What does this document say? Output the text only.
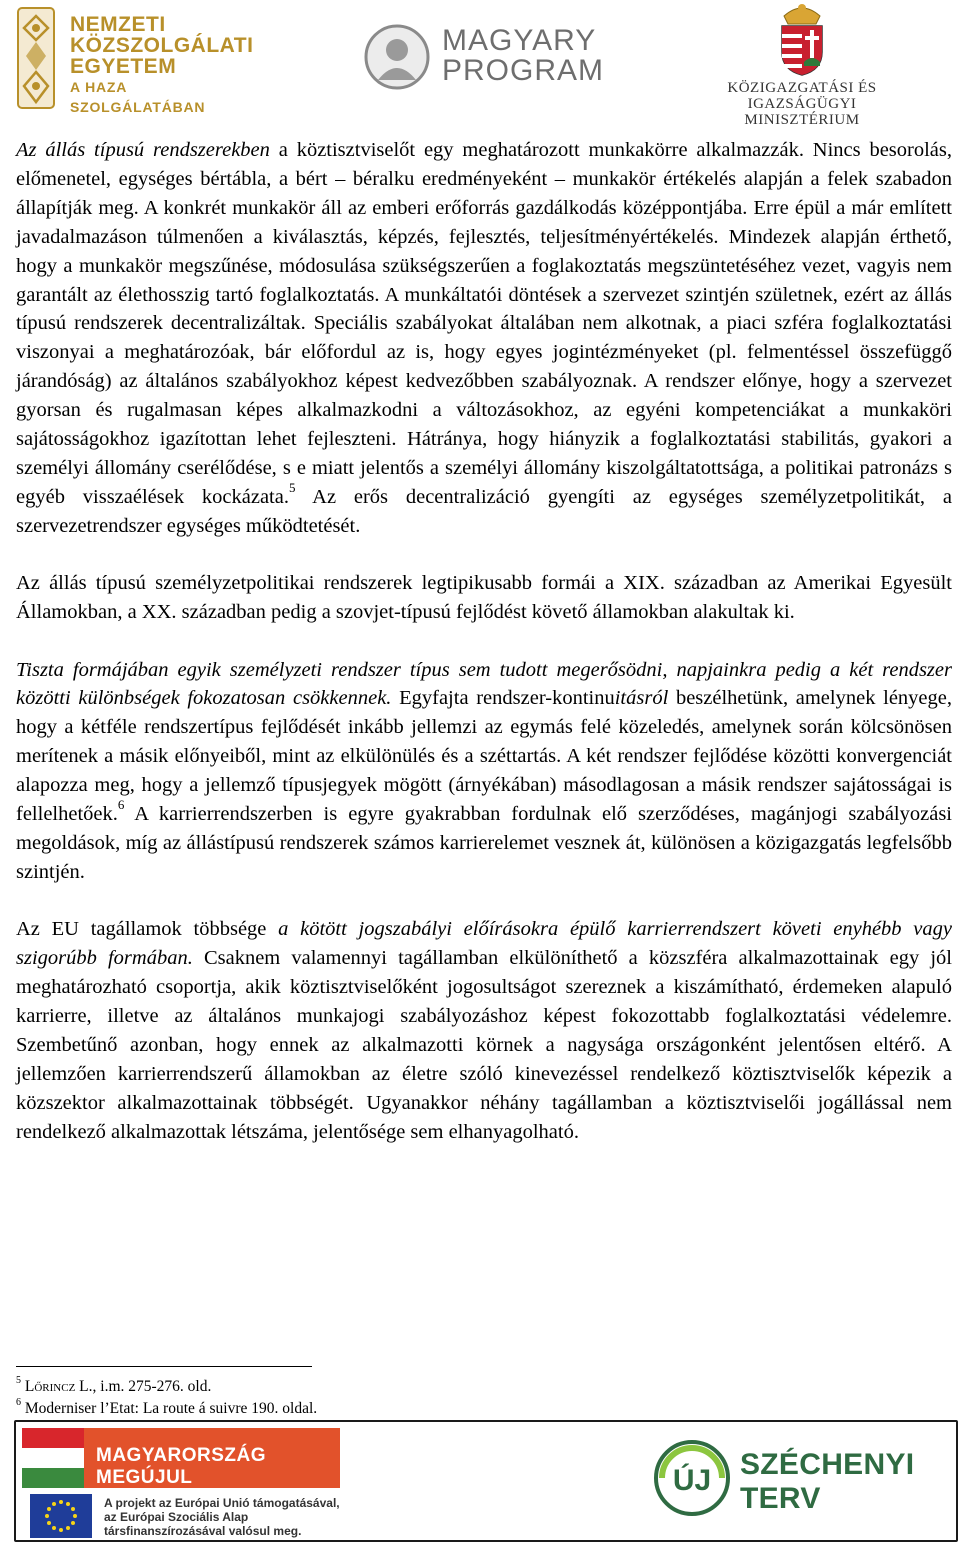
NEMZETI
KÖZSZOLGÁLATI
EGYETEM
A HAZA SZOLGÁLATÁBAN
MAGYARY
PROGRAM
KÖZIGAZGATÁSI ÉS IGAZSÁGÜGYI
MINISZTÉRIUM

Az állás típusú rendszerekben a köztisztviselőt egy meghatározott munkakörre alkalmazzák. Nincs besorolás, előmenetel, egységes bértábla, a bért – béralku eredményeként – munkakör értékelés alapján a felek szabadon állapítják meg. A konkrét munkakör áll az emberi erőforrás gazdálkodás középpontjába. Erre épül a már említett javadalmazáson túlmenően a kiválasztás, képzés, fejlesztés, teljesítményértékelés. Mindezek alapján érthető, hogy a munkakör megszűnése, módosulása szükségszerűen a foglakoztatás megszüntetéséhez vezet, vagyis nem garantált az élethosszig tartó foglalkoztatás. A munkáltatói döntések a szervezet szintjén születnek, ezért az állás típusú rendszerek decentralizáltak. Speciális szabályokat általában nem alkotnak, a piaci szféra foglalkoztatási viszonyai a meghatározóak, bár előfordul az is, hogy egyes jogintézményeket (pl. felmentéssel összefüggő járandóság) az általános szabályokhoz képest kedvezőbben szabályoznak. A rendszer előnye, hogy a szervezet gyorsan és rugalmasan képes alkalmazkodni a változásokhoz, az egyéni kompetenciákat a munkaköri sajátosságokhoz igazítottan lehet fejleszteni. Hátránya, hogy hiányzik a foglalkoztatási stabilitás, gyakori a személyi állomány cserélődése, s e miatt jelentős a személyi állomány kiszolgáltatottsága, a politikai patronázs s egyéb visszaélések kockázata.$^5$ Az erős decentralizáció gyengíti az egységes személyzetpolitikát, a szervezetrendszer egységes működtetését.

Az állás típusú személyzetpolitikai rendszerek legtipikusabb formái a XIX. században az Amerikai Egyesült Államokban, a XX. században pedig a szovjet-típusú fejlődést követő államokban alakultak ki.

Tiszta formájában egyik személyzeti rendszer típus sem tudott megerősödni, napjainkra pedig a két rendszer közötti különbségek fokozatosan csökkennek. Egyfajta rendszer-kontinuitásról beszélhetünk, amelynek lényege, hogy a kétféle rendszertípus fejlődését inkább jellemzi az egymás felé közeledés, amelynek során kölcsönösen merítenek a másik előnyeiből, mint az elkülönülés és a széttartás. A két rendszer fejlődése közötti konvergenciát alapozza meg, hogy a jellemző típusjegyek mögött (árnyékában) másodlagosan a másik rendszer sajátosságai is fellelhetőek.$^6$ A karrierrendszerben is egyre gyakrabban fordulnak elő szerződéses, magánjogi szabályozási megoldások, míg az állástípusú rendszerek számos karrierelemet vesznek át, különösen a közigazgatás legfelsőbb szintjén.

Az EU tagállamok többsége a kötött jogszabályi előírásokra épülő karrierrendszert követi enyhébb vagy szigorúbb formában. Csaknem valamennyi tagállamban elkülöníthető a közszféra alkalmazottainak egy jól meghatározható csoportja, akik köztisztviselőként jogosultságot szereznek a kiszámítható, érdemeken alapuló karrierre, illetve az általános munkajogi szabályozáshoz képest fokozottabb foglalkoztatási védelemre. Szembetűnő azonban, hogy ennek az alkalmazotti körnek a nagysága országonként jelentősen eltérő. A jellemzően karrierrendszerű államokban az életre szóló kinevezéssel rendelkező köztisztviselők képezik a közszektor alkalmazottainak többségét. Ugyanakkor néhány tagállamban a köztisztviselői jogállással nem rendelkező alkalmazottak létszáma, jelentősége sem elhanyagolható.

$^5$ Lőrincz L., i.m. 275-276. old.
$^6$ Moderniser l’Etat: La route á suivre 190. oldal.
MAGYARORSZÁG MEGÚJUL
A projekt az Európai Unió támogatásával,
az Európai Szociális Alap
társfinanszírozásával valósul meg.
ÚJ SZÉCHENYI TERV
